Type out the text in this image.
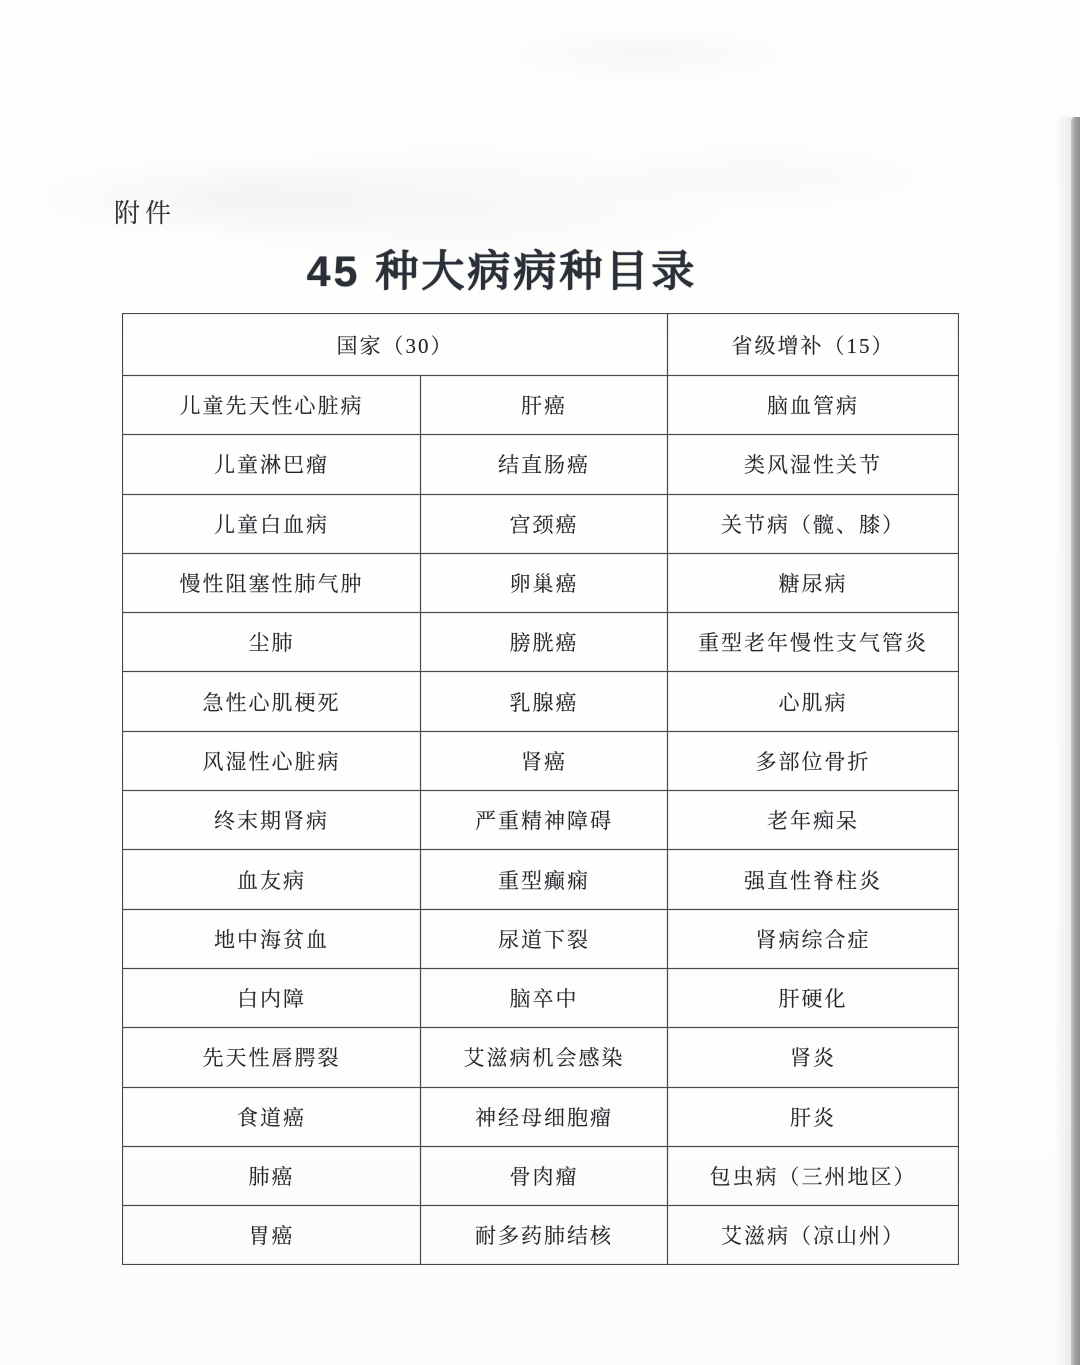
附件
45 种大病病种目录
国家（30）		省级增补（15）
儿童先天性心脏病	肝癌	脑血管病
儿童淋巴瘤	结直肠癌	类风湿性关节
儿童白血病	宫颈癌	关节病（髋、膝）
慢性阻塞性肺气肿	卵巢癌	糖尿病
尘肺	膀胱癌	重型老年慢性支气管炎
急性心肌梗死	乳腺癌	心肌病
风湿性心脏病	肾癌	多部位骨折
终末期肾病	严重精神障碍	老年痴呆
血友病	重型癫痫	强直性脊柱炎
地中海贫血	尿道下裂	肾病综合症
白内障	脑卒中	肝硬化
先天性唇腭裂	艾滋病机会感染	肾炎
食道癌	神经母细胞瘤	肝炎
肺癌	骨肉瘤	包虫病（三州地区）
胃癌	耐多药肺结核	艾滋病（凉山州）
